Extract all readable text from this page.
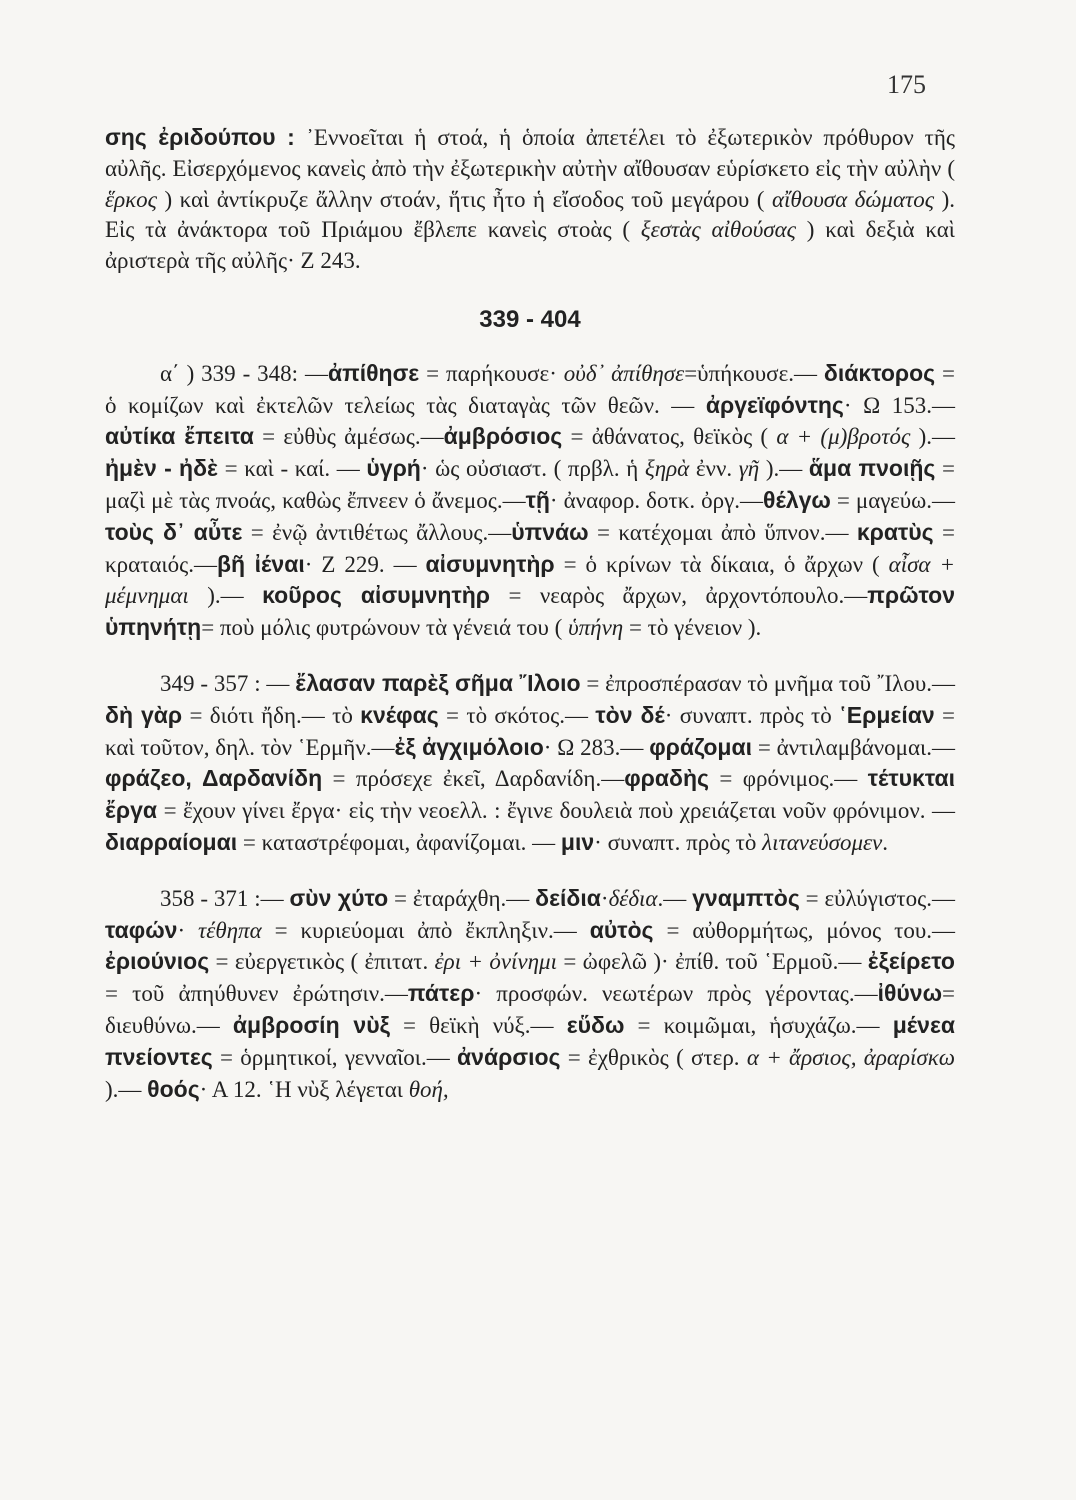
175

σης ἐριδούπου : ᾽Εννοεῖται ἡ στοά, ἡ ὁποία ἀπετέλει τὸ ἐξωτερικὸν πρόθυρον τῆς αὐλῆς. Εἰσερχόμενος κανεὶς ἀπὸ τὴν ἐξωτερικὴν αὐτὴν αἴθουσαν εὑρίσκετο εἰς τὴν αὐλὴν ( ἕρκος ) καὶ ἀντίκρυζε ἄλλην στοάν, ἥτις ἦτο ἡ εἴσοδος τοῦ μεγάρου ( αἴθουσα δώματος ). Εἰς τὰ ἀνάκτορα τοῦ Πριάμου ἔβλεπε κανεὶς στοὰς ( ξεστὰς αἰθούσας ) καὶ δεξιὰ καὶ ἀριστερὰ τῆς αὐλῆς· Ζ 243.

339 - 404

α΄ ) 339 - 348: —ἀπίθησε = παρήκουσε· οὐδ᾽ ἀπίθησε=ὑπήκουσε.— διάκτορος = ὁ κομίζων καὶ ἐκτελῶν τελείως τὰς διαταγὰς τῶν θεῶν. — ἀργεϊφόντης· Ω 153.—αὐτίκα ἔπειτα = εὐθὺς ἀμέσως.—ἀμβρόσιος = ἀθάνατος, θεϊκὸς ( α + (μ)βροτός ).— ἠμὲν - ἠδὲ = καὶ - καί. — ὑγρή· ὡς οὐσιαστ. ( πρβλ. ἡ ξηρὰ ἐνν. γῆ ).— ἅμα πνοιῇς = μαζὶ μὲ τὰς πνοάς, καθὼς ἔπνεεν ὁ ἄνεμος.—τῇ· ἀναφορ. δοτκ. ὀργ.—θέλγω = μαγεύω.—τοὺς δ᾽ αὖτε = ἐνῷ ἀντιθέτως ἄλλους.—ὑπνάω = κατέχομαι ἀπὸ ὕπνον.— κρατὺς = κραταιός.—βῆ ἰέναι· Ζ 229. — αἰσυμνητὴρ = ὁ κρίνων τὰ δίκαια, ὁ ἄρχων ( αἶσα + μέμνημαι ).— κοῦρος αἰσυμνητὴρ = νεαρὸς ἄρχων, ἀρχοντόπουλο.—πρῶτον ὑπηνήτῃ= ποὺ μόλις φυτρώνουν τὰ γένειά του ( ὑπήνη = τὸ γένειον ).

349 - 357 : — ἔλασαν παρὲξ σῆμα ῎Ιλοιο = ἐπροσπέρασαν τὸ μνῆμα τοῦ ῎Ιλου.— δὴ γὰρ = διότι ἤδη.— τὸ κνέφας = τὸ σκότος.— τὸν δέ· συναπτ. πρὸς τὸ ῾Ερμείαν = καὶ τοῦτον, δηλ. τὸν ῾Ερμῆν.—ἐξ ἀγχιμόλοιο· Ω 283.— φράζομαι = ἀντιλαμβάνομαι.—φράζεο, Δαρδανίδη = πρόσεχε ἐκεῖ, Δαρδανίδη.—φραδὴς = φρόνιμος.— τέτυκται ἔργα = ἔχουν γίνει ἔργα· εἰς τὴν νεοελλ. : ἔγινε δουλειὰ ποὺ χρειάζεται νοῦν φρόνιμον. — διαρραίομαι = καταστρέφομαι, ἀφανίζομαι. — μιν· συναπτ. πρὸς τὸ λιτανεύσομεν.

358 - 371 :— σὺν χύτο = ἐταράχθη.— δείδια·δέδια.— γναμπτὸς = εὐλύγιστος.— ταφών· τέθηπα = κυριεύομαι ἀπὸ ἔκπληξιν.— αὐτὸς = αὐθορμήτως, μόνος του.— ἐριούνιος = εὐεργετικὸς ( ἐπιτατ. ἐρι + ὀνίνημι = ὠφελῶ )· ἐπίθ. τοῦ ῾Ερμοῦ.— ἐξείρετο = τοῦ ἀπηύθυνεν ἐρώτησιν.—πάτερ· προσφών. νεωτέρων πρὸς γέροντας.—ἰθύνω= διευθύνω.— ἀμβροσίη νὺξ = θεϊκὴ νύξ.— εὕδω = κοιμῶμαι, ἡσυχάζω.— μένεα πνείοντες = ὁρμητικοί, γενναῖοι.— ἀνάρσιος = ἐχθρικὸς ( στερ. α + ἄρσιος, ἀραρίσκω ).— θοός· Α 12. ῾Η νὺξ λέγεται θοή,
